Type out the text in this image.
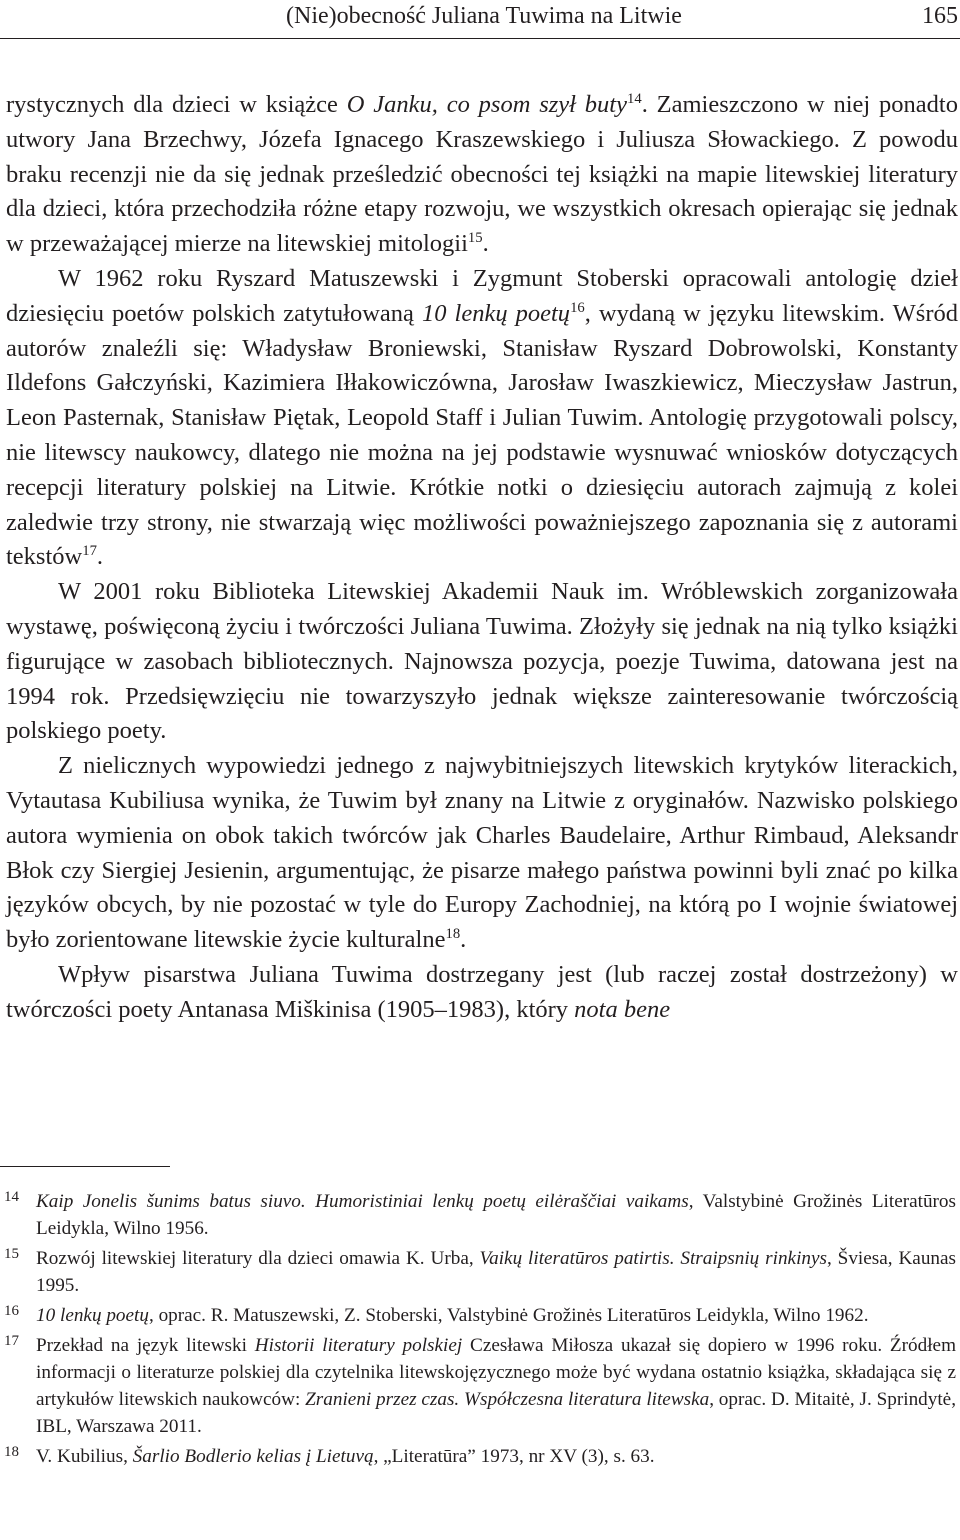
(Nie)obecność Juliana Tuwima na Litwie	165

rystycznych dla dzieci w książce O Janku, co psom szył buty$^{14}$. Zamieszczono w niej ponadto utwory Jana Brzechwy, Józefa Ignacego Kraszewskiego i Juliusza Słowackiego. Z powodu braku recenzji nie da się jednak prześledzić obecności tej książki na mapie litewskiej literatury dla dzieci, która przechodziła różne etapy rozwoju, we wszystkich okresach opierając się jednak w przeważającej mierze na litewskiej mitologii$^{15}$.

W 1962 roku Ryszard Matuszewski i Zygmunt Stoberski opracowali antologię dzieł dziesięciu poetów polskich zatytułowaną 10 lenkų poetų$^{16}$, wydaną w języku litewskim. Wśród autorów znaleźli się: Władysław Broniewski, Stanisław Ryszard Dobrowolski, Konstanty Ildefons Gałczyński, Kazimiera Iłłakowiczówna, Jarosław Iwaszkiewicz, Mieczysław Jastrun, Leon Pasternak, Stanisław Piętak, Leopold Staff i Julian Tuwim. Antologię przygotowali polscy, nie litewscy naukowcy, dlatego nie można na jej podstawie wysnuwać wniosków dotyczących recepcji literatury polskiej na Litwie. Krótkie notki o dziesięciu autorach zajmują z kolei zaledwie trzy strony, nie stwarzają więc możliwości poważniejszego zapoznania się z autorami tekstów$^{17}$.

W 2001 roku Biblioteka Litewskiej Akademii Nauk im. Wróblewskich zorganizowała wystawę, poświęconą życiu i twórczości Juliana Tuwima. Złożyły się jednak na nią tylko książki figurujące w zasobach bibliotecznych. Najnowsza pozycja, poezje Tuwima, datowana jest na 1994 rok. Przedsięwzięciu nie towarzyszyło jednak większe zainteresowanie twórczością polskiego poety.

Z nielicznych wypowiedzi jednego z najwybitniejszych litewskich krytyków literackich, Vytautasa Kubiliusa wynika, że Tuwim był znany na Litwie z oryginałów. Nazwisko polskiego autora wymienia on obok takich twórców jak Charles Baudelaire, Arthur Rimbaud, Aleksandr Błok czy Siergiej Jesienin, argumentując, że pisarze małego państwa powinni byli znać po kilka języków obcych, by nie pozostać w tyle do Europy Zachodniej, na którą po I wojnie światowej było zorientowane litewskie życie kulturalne$^{18}$.

Wpływ pisarstwa Juliana Tuwima dostrzegany jest (lub raczej został dostrzeżony) w twórczości poety Antanasa Miškinisa (1905–1983), który nota bene

14 Kaip Jonelis šunims batus siuvo. Humoristiniai lenkų poetų eilėraščiai vaikams, Valstybinė Grožinės Literatūros Leidykla, Wilno 1956.
15 Rozwój litewskiej literatury dla dzieci omawia K. Urba, Vaikų literatūros patirtis. Straipsnių rinkinys, Šviesa, Kaunas 1995.
16 10 lenkų poetų, oprac. R. Matuszewski, Z. Stoberski, Valstybinė Grožinės Literatūros Leidykla, Wilno 1962.
17 Przekład na język litewski Historii literatury polskiej Czesława Miłosza ukazał się dopiero w 1996 roku. Źródłem informacji o literaturze polskiej dla czytelnika litewskojęzycznego może być wydana ostatnio książka, składająca się z artykułów litewskich naukowców: Zranieni przez czas. Współczesna literatura litewska, oprac. D. Mitaitė, J. Sprindytė, IBL, Warszawa 2011.
18 V. Kubilius, Šarlio Bodlerio kelias į Lietuvą, „Literatūra” 1973, nr XV (3), s. 63.
